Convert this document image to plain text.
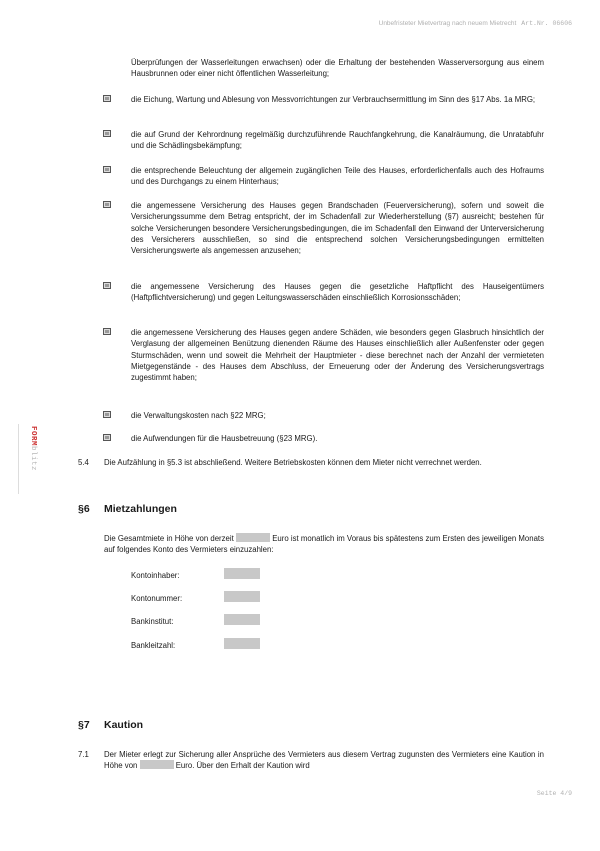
Unbefristeter Mietvertrag nach neuem Mietrecht Art.Nr. 06606
FORMblitz
Überprüfungen der Wasserleitungen erwachsen) oder die Erhaltung der bestehenden Wasserversorgung aus einem Hausbrunnen oder einer nicht öffentlichen Wasserleitung;
die Eichung, Wartung und Ablesung von Messvorrichtungen zur Verbrauchsermittlung im Sinn des §17 Abs. 1a MRG;
die auf Grund der Kehrordnung regelmäßig durchzuführende Rauchfangkehrung, die Kanalräumung, die Unratabfuhr und die Schädlingsbekämpfung;
die entsprechende Beleuchtung der allgemein zugänglichen Teile des Hauses, erforderlichenfalls auch des Hofraums und des Durchgangs zu einem Hinterhaus;
die angemessene Versicherung des Hauses gegen Brandschaden (Feuerversicherung), sofern und soweit die Versicherungssumme dem Betrag entspricht, der im Schadenfall zur Wiederherstellung (§7) ausreicht; bestehen für solche Versicherungen besondere Versicherungsbedingungen, die im Schadenfall den Einwand der Unterversicherung des Versicherers ausschließen, so sind die entsprechend solchen Versicherungsbedingungen ermittelten Versicherungswerte als angemessen anzusehen;
die angemessene Versicherung des Hauses gegen die gesetzliche Haftpflicht des Hauseigentümers (Haftpflichtversicherung) und gegen Leitungswasserschäden einschließlich Korrosionsschäden;
die angemessene Versicherung des Hauses gegen andere Schäden, wie besonders gegen Glasbruch hinsichtlich der Verglasung der allgemeinen Benützung dienenden Räume des Hauses einschließlich aller Außenfenster oder gegen Sturmschäden, wenn und soweit die Mehrheit der Hauptmieter - diese berechnet nach der Anzahl der vermieteten Mietgegenstände - des Hauses dem Abschluss, der Erneuerung oder der Änderung des Versicherungsvertrags zugestimmt haben;
die Verwaltungskosten nach §22 MRG;
die Aufwendungen für die Hausbetreuung (§23 MRG).
5.4 Die Aufzählung in §5.3 ist abschließend. Weitere Betriebskosten können dem Mieter nicht verrechnet werden.
§6 Mietzahlungen
Die Gesamtmiete in Höhe von derzeit	Euro ist monatlich im Voraus bis spätestens zum Ersten des jeweiligen Monats auf folgendes Konto des Vermieters einzuzahlen:
Kontoinhaber:
Kontonummer:
Bankinstitut:
Bankleitzahl:
§7 Kaution
7.1 Der Mieter erlegt zur Sicherung aller Ansprüche des Vermieters aus diesem Vertrag zugunsten des Vermieters eine Kaution in Höhe von	Euro. Über den Erhalt der Kaution wird
Seite 4/9
